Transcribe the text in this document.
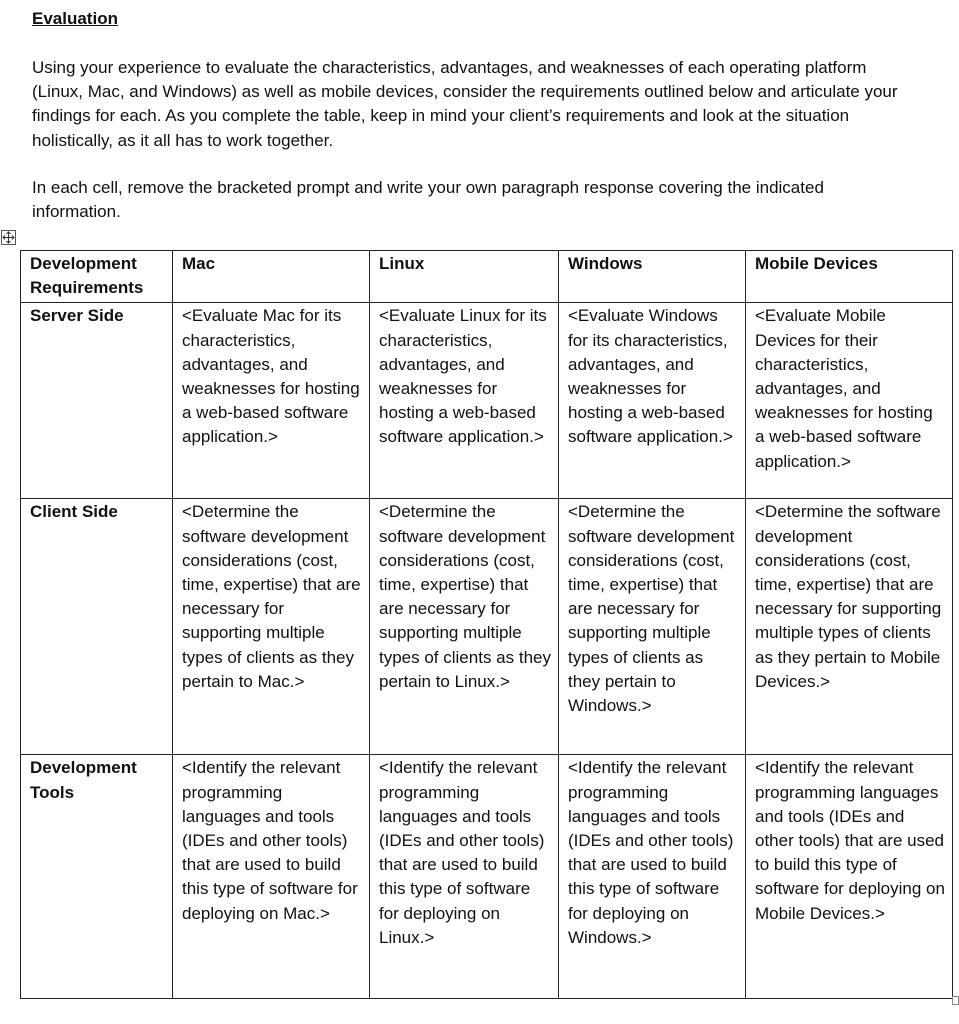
Evaluation

Using your experience to evaluate the characteristics, advantages, and weaknesses of each operating platform (Linux, Mac, and Windows) as well as mobile devices, consider the requirements outlined below and articulate your findings for each. As you complete the table, keep in mind your client’s requirements and look at the situation holistically, as it all has to work together.

In each cell, remove the bracketed prompt and write your own paragraph response covering the indicated information.

Development Requirements	Mac	Linux	Windows	Mobile Devices
Server Side	<Evaluate Mac for its characteristics, advantages, and weaknesses for hosting a web-based software application.>	<Evaluate Linux for its characteristics, advantages, and weaknesses for hosting a web-based software application.>	<Evaluate Windows for its characteristics, advantages, and weaknesses for hosting a web-based software application.>	<Evaluate Mobile Devices for their characteristics, advantages, and weaknesses for hosting a web-based software application.>
Client Side	<Determine the software development considerations (cost, time, expertise) that are necessary for supporting multiple types of clients as they pertain to Mac.>	<Determine the software development considerations (cost, time, expertise) that are necessary for supporting multiple types of clients as they pertain to Linux.>	<Determine the software development considerations (cost, time, expertise) that are necessary for supporting multiple types of clients as they pertain to Windows.>	<Determine the software development considerations (cost, time, expertise) that are necessary for supporting multiple types of clients as they pertain to Mobile Devices.>
Development Tools	<Identify the relevant programming languages and tools (IDEs and other tools) that are used to build this type of software for deploying on Mac.>	<Identify the relevant programming languages and tools (IDEs and other tools) that are used to build this type of software for deploying on Linux.>	<Identify the relevant programming languages and tools (IDEs and other tools) that are used to build this type of software for deploying on Windows.>	<Identify the relevant programming languages and tools (IDEs and other tools) that are used to build this type of software for deploying on Mobile Devices.>
